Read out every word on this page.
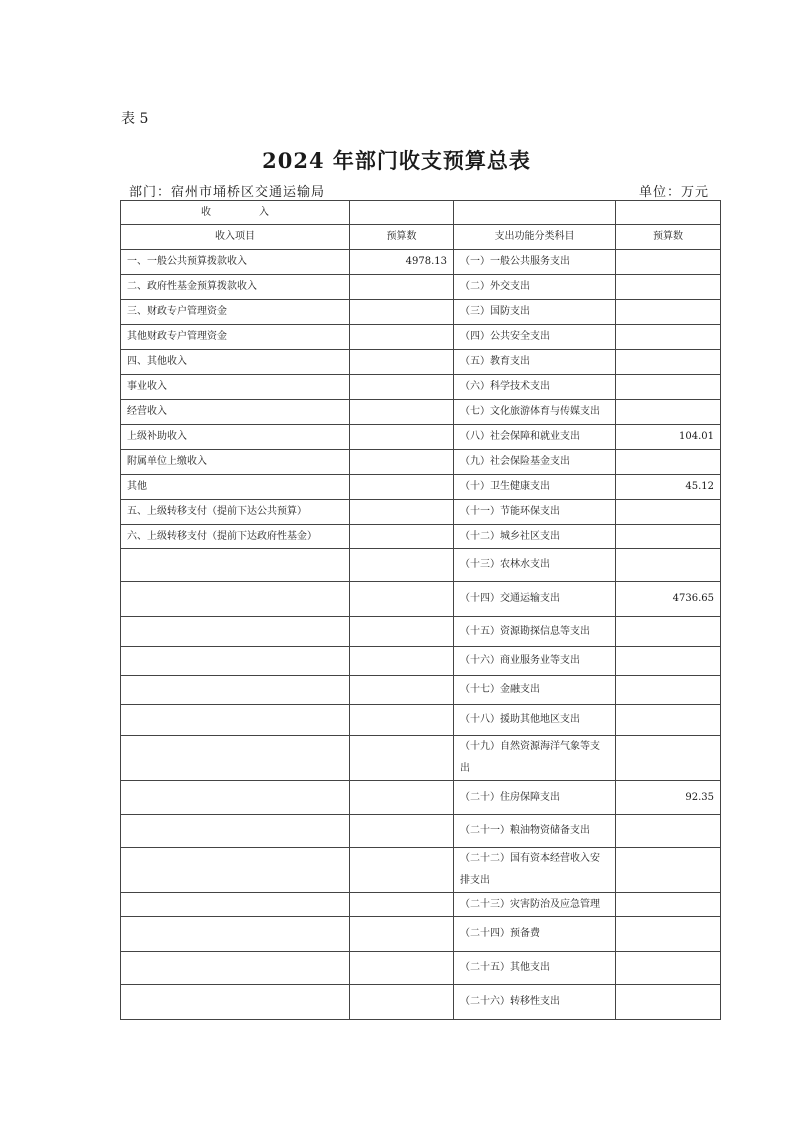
表 5
2024 年部门收支预算总表
部门：宿州市埇桥区交通运输局	单位：万元
收 入			
收入项目	预算数	支出功能分类科目	预算数
一、一般公共预算拨款收入	4978.13	（一）一般公共服务支出	
二、政府性基金预算拨款收入		（二）外交支出	
三、财政专户管理资金		（三）国防支出	
其他财政专户管理资金		（四）公共安全支出	
四、其他收入		（五）教育支出	
事业收入		（六）科学技术支出	
经营收入		（七）文化旅游体育与传媒支出	
上级补助收入		（八）社会保障和就业支出	104.01
附属单位上缴收入		（九）社会保险基金支出	
其他		（十）卫生健康支出	45.12
五、上级转移支付（提前下达公共预算）		（十一）节能环保支出	
六、上级转移支付（提前下达政府性基金）		（十二）城乡社区支出	
		（十三）农林水支出	
		（十四）交通运输支出	4736.65
		（十五）资源勘探信息等支出	
		（十六）商业服务业等支出	
		（十七）金融支出	
		（十八）援助其他地区支出	
		（十九）自然资源海洋气象等支出	
		（二十）住房保障支出	92.35
		（二十一）粮油物资储备支出	
		（二十二）国有资本经营收入安排支出	
		（二十三）灾害防治及应急管理	
		（二十四）预备费	
		（二十五）其他支出	
		（二十六）转移性支出	
